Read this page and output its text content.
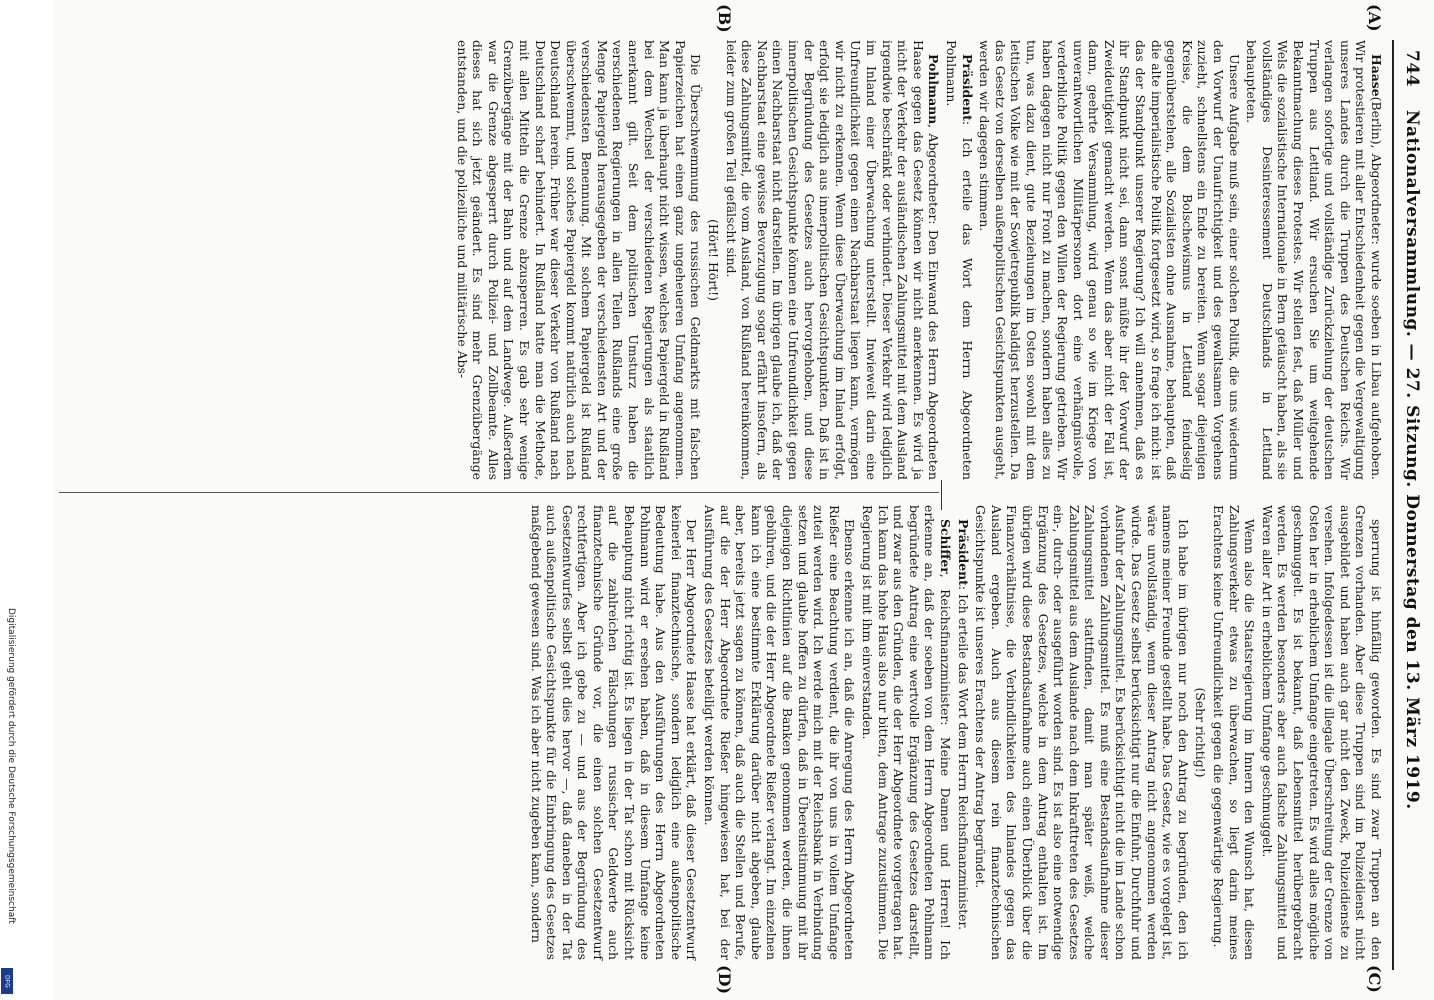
744
Nationalversammlung. — 27. Sitzung. Donnerstag den 13. März 1919.
(A)
(B)
(C)
(D)

Haase(Berlin), Abgeordneter: wurde soeben in Libau aufgehoben. Wir protestieren mit aller Entschiedenheit gegen die Vergewaltigung unseres Landes durch die Truppen des Deutschen Reichs. Wir verlangen sofortige und vollständige Zurückziehung der deutschen Truppen aus Lettland. Wir ersuchen Sie um weitgehende Bekanntmachung dieses Protestes. Wir stellen fest, daß Müller und Wels die sozialistische Internationale in Bern getäuscht haben, als sie vollständiges Desinteressement Deutschlands in Lettland behaupteten.

Unsere Aufgabe muß sein, einer solchen Politik, die uns wiederum den Vorwurf der Unaufrichtigkeit und des gewaltsamen Vorgehens zuzieht, schnellstens ein Ende zu bereiten. Wenn sogar diejenigen Kreise, die dem Bolschewismus in Lettland feindselig gegenüberstehen, alle Sozialisten ohne Ausnahme, behaupten, daß die alte imperialistische Politik fortgesetzt wird, so frage ich mich: ist das der Standpunkt unserer Regierung? Ich will annehmen, daß es ihr Standpunkt nicht sei, dann sonst müßte ihr der Vorwurf der Zweideutigkeit gemacht werden. Wenn das aber nicht der Fall ist, dann, geehrte Versammlung, wird genau so wie im Kriege von unverantwortlichen Militärpersonen dort eine verhängnisvolle, verderbliche Politik gegen den Willen der Regierung getrieben. Wir haben dagegen nicht nur Front zu machen, sondern haben alles zu tun, was dazu dient, gute Beziehungen im Osten sowohl mit dem lettischen Volke wie mit der Sowjetrepublik baldigst herzustellen. Da das Gesetz von derselben außenpolitischen Gesichtspunkten ausgeht, werden wir dagegen stimmen.

Präsident: Ich erteile das Wort dem Herrn Abgeordneten Pohlmann.

Pohlmann, Abgeordneter: Den Einwand des Herrn Abgeordneten Haase gegen das Gesetz können wir nicht anerkennen. Es wird ja nicht der Verkehr der ausländischen Zahlungsmittel mit dem Ausland irgendwie beschränkt oder verhindert. Dieser Verkehr wird lediglich im Inland einer Überwachung unterstellt. Inwieweit darin eine Unfreundlichkeit gegen einen Nachbarstaat liegen kann, vermögen wir nicht zu erkennen. Wenn diese Überwachung im Inland erfolgt, erfolgt sie lediglich aus innerpolitischen Gesichtspunkten. Daß ist in der Begründung des Gesetzes auch hervorgehoben, und diese innerpolitischen Gesichtspunkte können eine Unfreundlichkeit gegen einen Nachbarstaat nicht darstellen. Im übrigen glaube ich, daß der Nachbarstaat eine gewisse Bevorzugung sogar erfährt insofern, als diese Zahlungsmittel, die vom Ausland, von Rußland hereinkommen, leider zum großen Teil gefälscht sind.

(Hört! Hört!)

Die Überschwemmung des russischen Geldmarkts mit falschen Papierzeichen hat einen ganz ungeheueren Umfang angenommen. Man kann ja überhaupt nicht wissen, welches Papiergeld in Rußland bei dem Wechsel der verschiedenen Regierungen als staatlich anerkannt gilt. Seit dem politischen Umsturz haben die verschiedenen Regierungen in allen Teilen Rußlands eine große Menge Papiergeld herausgegeben der verschiedensten Art und der verschiedensten Benennung. Mit solchem Papiergeld ist Rußland überschwemmt, und solches Papiergeld kommt natürlich auch nach Deutschland herein. Früher war dieser Verkehr von Rußland nach Deutschland scharf behindert. In Rußland hatte man die Methode, mit allen Mitteln die Grenze abzusperren. Es gab sehr wenige Grenzübergänge mit der Bahn und auf dem Landwege. Außerdem war die Grenze abgesperrt durch Polizei- und Zollbeamte. Alles dieses hat sich jetzt geändert. Es sind mehr Grenzübergänge entstanden, und die polizeiliche und militärische Abs-

sperrung ist hinfällig geworden. Es sind zwar Truppen an den Grenzen vorhanden. Aber diese Truppen sind im Polizeidienst nicht ausgebildet und haben auch gar nicht den Zweck, Polizeidienste zu versehen. Infolgedessen ist die illegale Überschreitung der Grenze von Osten her in erheblichem Umfange eingetreten. Es wird alles mögliche geschmuggelt. Es ist bekannt, daß Lebensmittel herübergebracht werden. Es werden besonders aber auch falsche Zahlungsmittel und Waren aller Art in erheblichem Umfange geschmuggelt.

Wenn also die Staatsregierung im Innern den Wunsch hat, diesen Zahlungsverkehr etwas zu überwachen, so liegt darin meines Erachtens keine Unfreundlichkeit gegen die gegenwärtige Regierung.

(Sehr richtig!)

Ich habe im übrigen nur noch den Antrag zu begründen, den ich namens meiner Freunde gestellt habe. Das Gesetz, wie es vorgelegt ist, wäre unvollständig, wenn dieser Antrag nicht angenommen werden würde. Das Gesetz selbst berücksichtigt nur die Einfuhr, Durchfuhr und Ausfuhr der Zahlungsmittel. Es berücksichtigt nicht die im Lande schon vorhandenen Zahlungsmittel. Es muß eine Bestandsaufnahme dieser Zahlungsmittel stattfinden, damit man später weiß, welche Zahlungsmittel aus dem Auslande nach dem Inkrafttreten des Gesetzes ein-, durch- oder ausgeführt worden sind. Es ist also eine notwendige Ergänzung des Gesetzes, welche in dem Antrag enthalten ist. Im übrigen wird diese Bestandsaufnahme auch einen Überblick über die Finanzverhältnisse, die Verbindlichkeiten des Inlandes gegen das Ausland ergeben. Auch aus diesem rein finanztechnischen Gesichtspunkte ist unseres Erachtens der Antrag begründet.

Präsident: Ich erteile das Wort dem Herrn Reichsfinanzminister.

Schiffer, Reichsfinanzminister: Meine Damen und Herren! Ich erkenne an, daß der soeben von dem Herrn Abgeordneten Pohlmann begründete Antrag eine wertvolle Ergänzung des Gesetzes darstellt, und zwar aus den Gründen, die der Herr Abgeordnete vorgetragen hat. Ich kann das hohe Haus also nur bitten, dem Antrage zuzustimmen. Die Regierung ist mit ihm einverstanden.

Ebenso erkenne ich an, daß die Anregung des Herrn Abgeordneten Rießer eine Beachtung verdient, die ihr von uns in vollem Umfange zuteil werden wird. Ich werde mich mit der Reichsbank in Verbindung setzen und glaube hoffen zu dürfen, daß in Übereinstimmung mit ihr diejenigen Richtlinien auf die Banken genommen werden, die ihnen gebühren, und die der Herr Abgeordnete Rießer verlangt. Im einzelnen kann ich eine bestimmte Erklärung darüber nicht abgeben, glaube aber, bereits jetzt sagen zu können, daß auch die Stellen und Berufe, auf die der Herr Abgeordnete Rießer hingewiesen hat, bei der Ausführung des Gesetzes beteiligt werden können.

Der Herr Abgeordnete Haase hat erklärt, daß dieser Gesetzentwurf keinerlei finanztechnische, sondern lediglich eine außenpolitische Bedeutung habe. Aus den Ausführungen des Herrn Abgeordneten Pohlmann wird er ersehen haben, daß in diesem Umfange keine Behauptung nicht richtig ist. Es liegen in der Tat schon mit Rücksicht auf die zahlreichen Fälschungen russischer Geldwerte auch finanztechnische Gründe vor, die einen solchen Gesetzentwurf rechtfertigen. Aber ich gebe zu — und aus der Begründung des Gesetzentwurfes selbst geht dies hervor —, daß daneben in der Tat auch außenpolitische Gesichtspunkte für die Einbringung des Gesetzes maßgebend gewesen sind. Was ich aber nicht zugeben kann, sondern

Digitalisierung gefördert durch die Deutsche Forschungsgemeinschaft
DFG
